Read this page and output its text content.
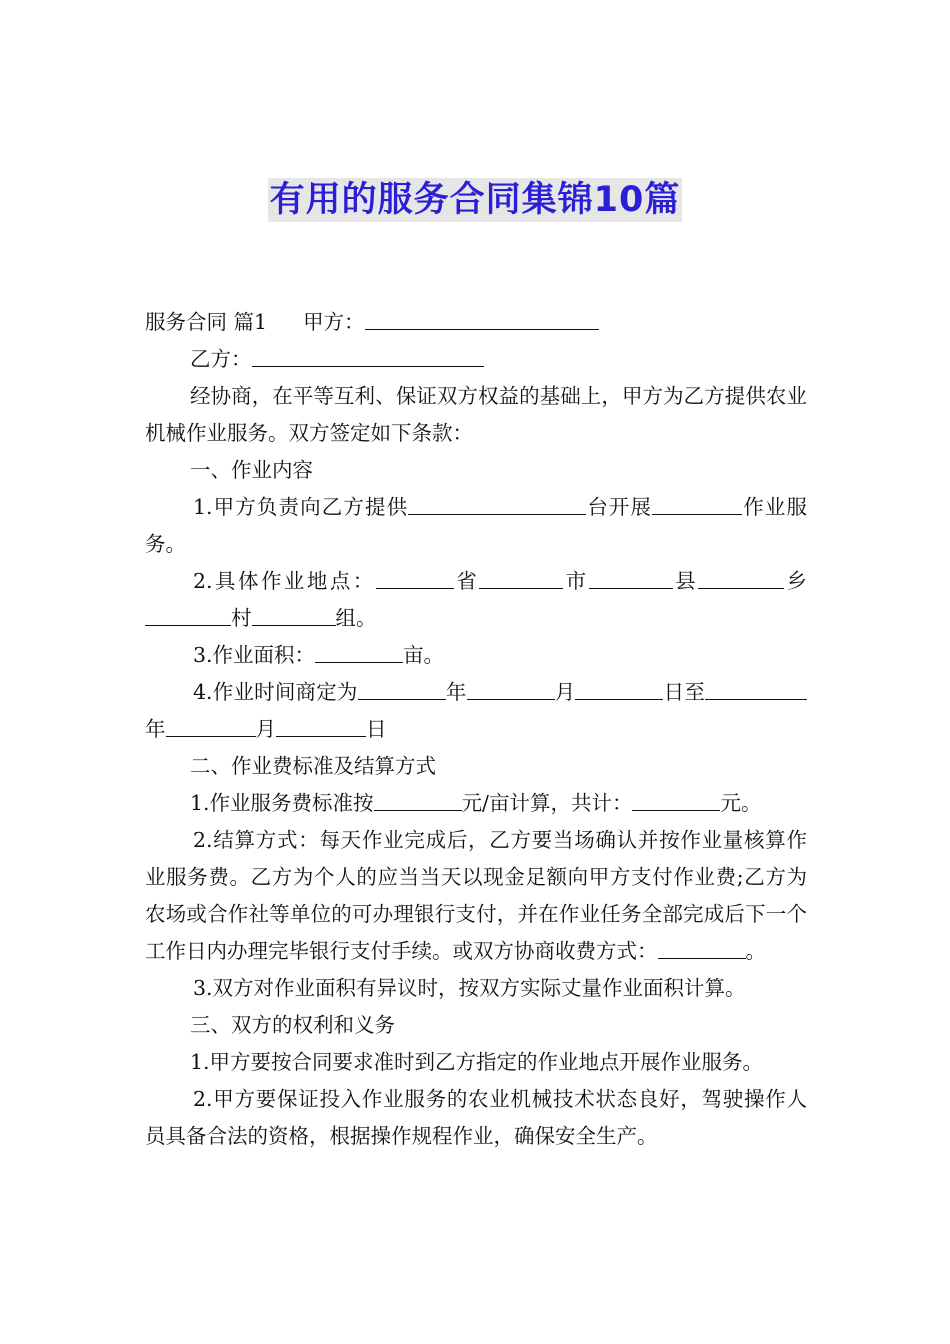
有用的服务合同集锦10篇

服务合同 篇1 甲方：

乙方：

经协商，在平等互利、保证双方权益的基础上，甲方为乙方提供农业机械作业服务。双方签定如下条款：

一、作业内容

1.甲方负责向乙方提供	台开展	作业服务。

2.具体作业地点：	省	市	县	乡村	组。

3.作业面积：	亩。

4.作业时间商定为	年	月	日至年	月	日

二、作业费标准及结算方式

1.作业服务费标准按	元/亩计算，共计：	元。

2.结算方式：每天作业完成后，乙方要当场确认并按作业量核算作业服务费。乙方为个人的应当当天以现金足额向甲方支付作业费;乙方为农场或合作社等单位的可办理银行支付，并在作业任务全部完成后下一个工作日内办理完毕银行支付手续。或双方协商收费方式：	。

3.双方对作业面积有异议时，按双方实际丈量作业面积计算。

三、双方的权利和义务

1.甲方要按合同要求准时到乙方指定的作业地点开展作业服务。

2.甲方要保证投入作业服务的农业机械技术状态良好，驾驶操作人员具备合法的资格，根据操作规程作业，确保安全生产。
